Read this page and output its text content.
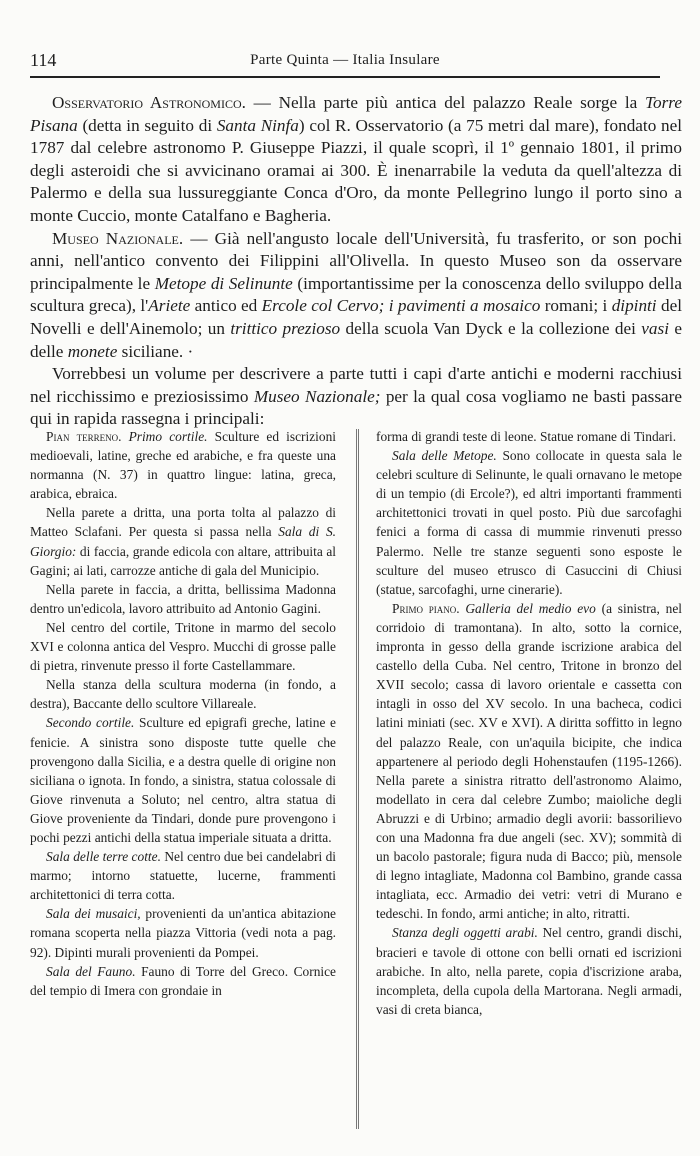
114	Parte Quinta — Italia Insulare

Osservatorio Astronomico. — Nella parte più antica del palazzo Reale sorge la Torre Pisana (detta in seguito di Santa Ninfa) col R. Osservatorio (a 75 metri dal mare), fondato nel 1787 dal celebre astronomo P. Giuseppe Piazzi, il quale scoprì, il 1º gennaio 1801, il primo degli asteroidi che si avvicinano oramai ai 300. È inenarrabile la veduta da quell'altezza di Palermo e della sua lussureggiante Conca d'Oro, da monte Pellegrino lungo il porto sino a monte Cuccio, monte Catalfano e Bagheria.

Museo Nazionale. — Già nell'angusto locale dell'Università, fu trasferito, or son pochi anni, nell'antico convento dei Filippini all'Olivella. In questo Museo son da osservare principalmente le Metope di Selinunte (importantissime per la conoscenza dello sviluppo della scultura greca), l'Ariete antico ed Ercole col Cervo; i pavimenti a mosaico romani; i dipinti del Novelli e dell'Ainemolo; un trittico prezioso della scuola Van Dyck e la collezione dei vasi e delle monete siciliane. ·

Vorrebbesi un volume per descrivere a parte tutti i capi d'arte antichi e moderni racchiusi nel ricchissimo e preziosissimo Museo Nazionale; per la qual cosa vogliamo ne basti passare qui in rapida rassegna i principali:

Pian terreno. Primo cortile. Sculture ed iscrizioni medioevali, latine, greche ed arabiche, e fra queste una normanna (N. 37) in quattro lingue: latina, greca, arabica, ebraica.

Nella parete a dritta, una porta tolta al palazzo di Matteo Sclafani. Per questa si passa nella Sala di S. Giorgio: di faccia, grande edicola con altare, attribuita al Gagini; ai lati, carrozze antiche di gala del Municipio.

Nella parete in faccia, a dritta, bellissima Madonna dentro un'edicola, lavoro attribuito ad Antonio Gagini.

Nel centro del cortile, Tritone in marmo del secolo XVI e colonna antica del Vespro. Mucchi di grosse palle di pietra, rinvenute presso il forte Castellammare.

Nella stanza della scultura moderna (in fondo, a destra), Baccante dello scultore Villareale.

Secondo cortile. Sculture ed epigrafi greche, latine e fenicie. A sinistra sono disposte tutte quelle che provengono dalla Sicilia, e a destra quelle di origine non siciliana o ignota. In fondo, a sinistra, statua colossale di Giove rinvenuta a Soluto; nel centro, altra statua di Giove proveniente da Tindari, donde pure provengono i pochi pezzi antichi della statua imperiale situata a dritta.

Sala delle terre cotte. Nel centro due bei candelabri di marmo; intorno statuette, lucerne, frammenti architettonici di terra cotta.

Sala dei musaici, provenienti da un'antica abitazione romana scoperta nella piazza Vittoria (vedi nota a pag. 92). Dipinti murali provenienti da Pompei.

Sala del Fauno. Fauno di Torre del Greco. Cornice del tempio di Imera con grondaie in

forma di grandi teste di leone. Statue romane di Tindari.

Sala delle Metope. Sono collocate in questa sala le celebri sculture di Selinunte, le quali ornavano le metope di un tempio (di Ercole?), ed altri importanti frammenti architettonici trovati in quel posto. Più due sarcofaghi fenici a forma di cassa di mummie rinvenuti presso Palermo. Nelle tre stanze seguenti sono esposte le sculture del museo etrusco di Casuccini di Chiusi (statue, sarcofaghi, urne cinerarie).

Primo piano. Galleria del medio evo (a sinistra, nel corridoio di tramontana). In alto, sotto la cornice, impronta in gesso della grande iscrizione arabica del castello della Cuba. Nel centro, Tritone in bronzo del XVII secolo; cassa di lavoro orientale e cassetta con intagli in osso del XV secolo. In una bacheca, codici latini miniati (sec. XV e XVI). A diritta soffitto in legno del palazzo Reale, con un'aquila bicipite, che indica appartenere al periodo degli Hohenstaufen (1195-1266). Nella parete a sinistra ritratto dell'astronomo Alaimo, modellato in cera dal celebre Zumbo; maioliche degli Abruzzi e di Urbino; armadio degli avorii: bassorilievo con una Madonna fra due angeli (sec. XV); sommità di un bacolo pastorale; figura nuda di Bacco; più, mensole di legno intagliate, Madonna col Bambino, grande cassa intagliata, ecc. Armadio dei vetri: vetri di Murano e tedeschi. In fondo, armi antiche; in alto, ritratti.

Stanza degli oggetti arabi. Nel centro, grandi dischi, bracieri e tavole di ottone con belli ornati ed iscrizioni arabiche. In alto, nella parete, copia d'iscrizione araba, incompleta, della cupola della Martorana. Negli armadi, vasi di creta bianca,
